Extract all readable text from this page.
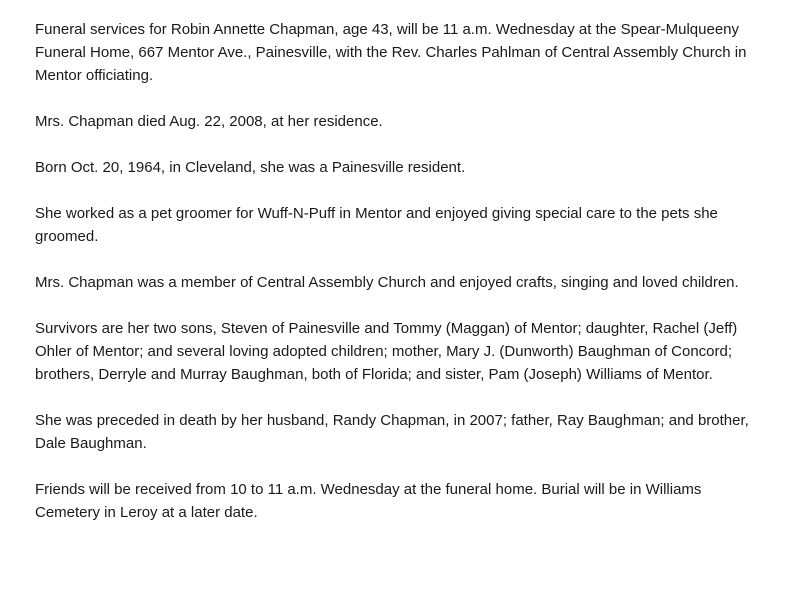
Funeral services for Robin Annette Chapman, age 43, will be 11 a.m. Wednesday at the Spear-Mulqueeny Funeral Home, 667 Mentor Ave., Painesville, with the Rev. Charles Pahlman of Central Assembly Church in Mentor officiating.

Mrs. Chapman died Aug. 22, 2008, at her residence.

Born Oct. 20, 1964, in Cleveland, she was a Painesville resident.

She worked as a pet groomer for Wuff-N-Puff in Mentor and enjoyed giving special care to the pets she groomed.

Mrs. Chapman was a member of Central Assembly Church and enjoyed crafts, singing and loved children.

Survivors are her two sons, Steven of Painesville and Tommy (Maggan) of Mentor; daughter, Rachel (Jeff) Ohler of Mentor; and several loving adopted children; mother, Mary J. (Dunworth) Baughman of Concord; brothers, Derryle and Murray Baughman, both of Florida; and sister, Pam (Joseph) Williams of Mentor.

She was preceded in death by her husband, Randy Chapman, in 2007; father, Ray Baughman; and brother, Dale Baughman.

Friends will be received from 10 to 11 a.m. Wednesday at the funeral home. Burial will be in Williams Cemetery in Leroy at a later date.
